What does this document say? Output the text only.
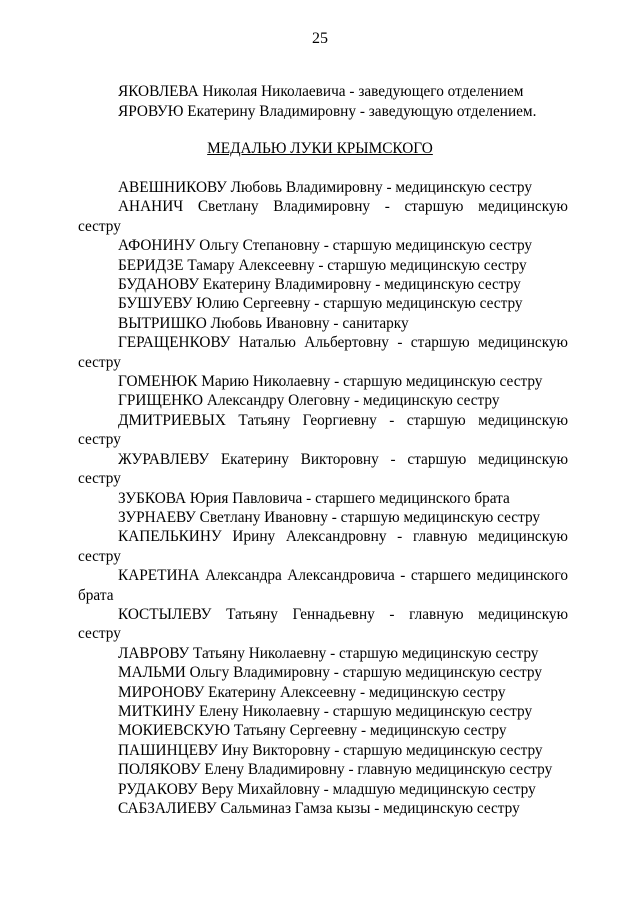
25
ЯКОВЛЕВА Николая Николаевича - заведующего отделением
ЯРОВУЮ Екатерину Владимировну - заведующую отделением.
МЕДАЛЬЮ ЛУКИ КРЫМСКОГО
АВЕШНИКОВУ Любовь Владимировну - медицинскую сестру
АНАНИЧ Светлану Владимировну - старшую медицинскую
сестру
АФОНИНУ Ольгу Степановну - старшую медицинскую сестру
БЕРИДЗЕ Тамару Алексеевну - старшую медицинскую сестру
БУДАНОВУ Екатерину Владимировну - медицинскую сестру
БУШУЕВУ Юлию Сергеевну - старшую медицинскую сестру
ВЫТРИШКО Любовь Ивановну - санитарку
ГЕРАЩЕНКОВУ Наталью Альбертовну - старшую медицинскую
сестру
ГОМЕНЮК Марию Николаевну - старшую медицинскую сестру
ГРИЩЕНКО Александру Олеговну - медицинскую сестру
ДМИТРИЕВЫХ Татьяну Георгиевну - старшую медицинскую
сестру
ЖУРАВЛЕВУ Екатерину Викторовну - старшую медицинскую
сестру
ЗУБКОВА Юрия Павловича - старшего медицинского брата
ЗУРНАЕВУ Светлану Ивановну - старшую медицинскую сестру
КАПЕЛЬКИНУ Ирину Александровну - главную медицинскую
сестру
КАРЕТИНА Александра Александровича - старшего медицинского
брата
КОСТЫЛЕВУ Татьяну Геннадьевну - главную медицинскую
сестру
ЛАВРОВУ Татьяну Николаевну - старшую медицинскую сестру
МАЛЬМИ Ольгу Владимировну - старшую медицинскую сестру
МИРОНОВУ Екатерину Алексеевну - медицинскую сестру
МИТКИНУ Елену Николаевну - старшую медицинскую сестру
МОКИЕВСКУЮ Татьяну Сергеевну - медицинскую сестру
ПАШИНЦЕВУ Ину Викторовну - старшую медицинскую сестру
ПОЛЯКОВУ Елену Владимировну - главную медицинскую сестру
РУДАКОВУ Веру Михайловну - младшую медицинскую сестру
САБЗАЛИЕВУ Сальминаз Гамза кызы - медицинскую сестру
